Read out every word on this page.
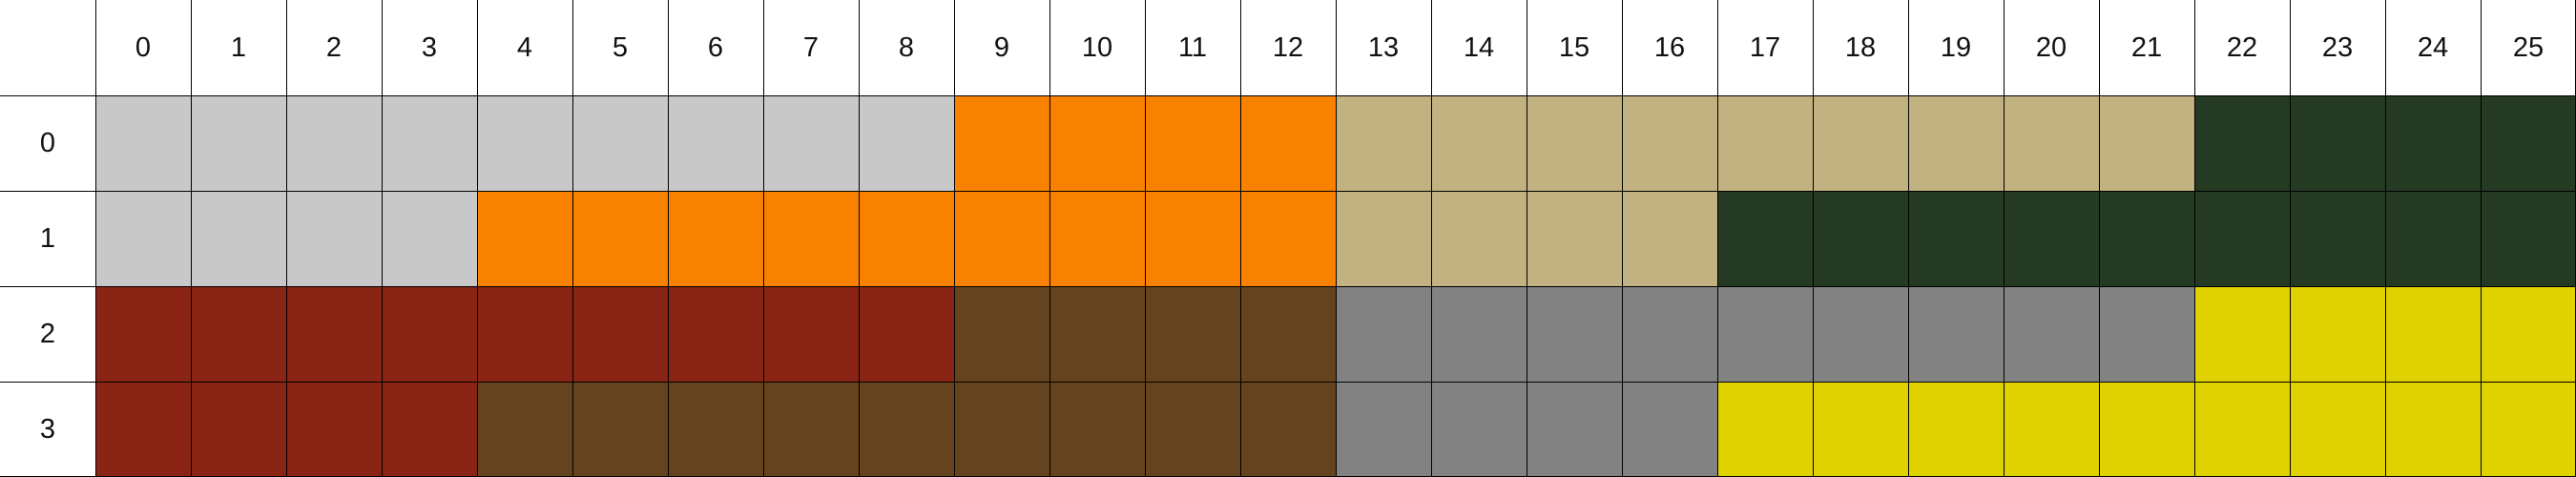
0	1	2	3	4	5	6	7	8	9	10	11	12	13	14	15	16	17	18	19	20	21	22	23	24	25
0
1
2
3
